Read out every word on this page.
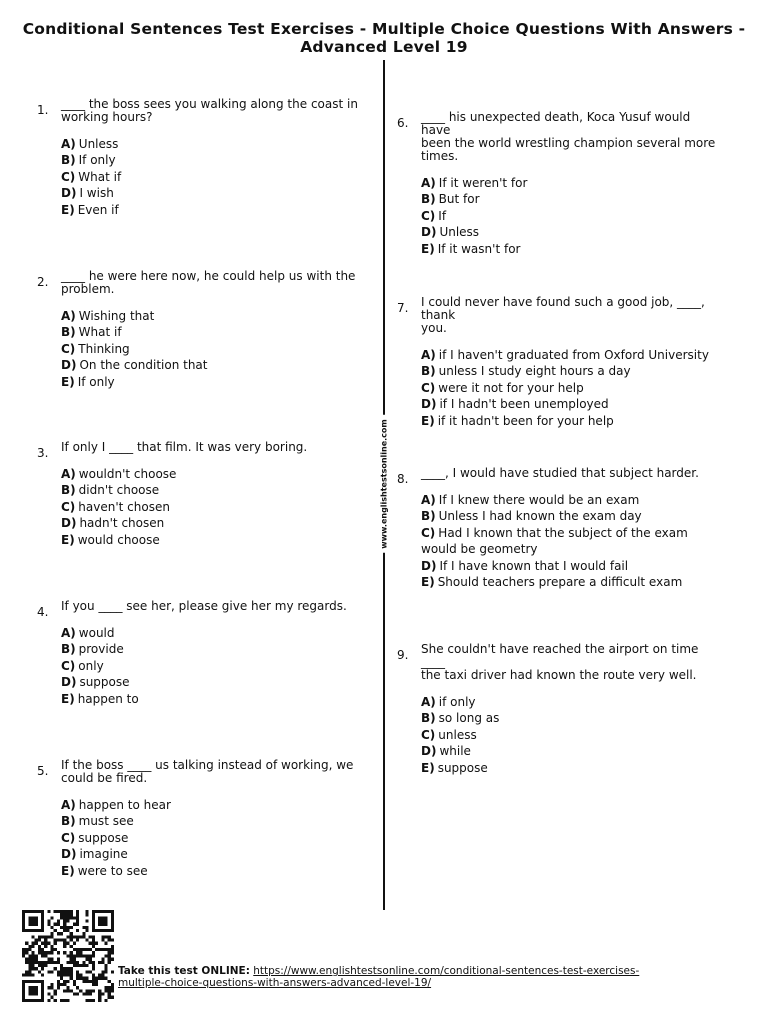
Conditional Sentences Test Exercises - Multiple Choice Questions With Answers -
Advanced Level 19
www.englishtestsonline.com
1. ____ the boss sees you walking along the coast in
working hours?
A) Unless
B) If only
C) What if
D) I wish
E) Even if
2. ____ he were here now, he could help us with the
problem.
A) Wishing that
B) What if
C) Thinking
D) On the condition that
E) If only
3. If only I ____ that film. It was very boring.
A) wouldn't choose
B) didn't choose
C) haven't chosen
D) hadn't chosen
E) would choose
4. If you ____ see her, please give her my regards.
A) would
B) provide
C) only
D) suppose
E) happen to
5. If the boss ____ us talking instead of working, we
could be fired.
A) happen to hear
B) must see
C) suppose
D) imagine
E) were to see
6. ____ his unexpected death, Koca Yusuf would have
been the world wrestling champion several more
times.
A) If it weren't for
B) But for
C) If
D) Unless
E) If it wasn't for
7. I could never have found such a good job, ____, thank
you.
A) if I haven't graduated from Oxford University
B) unless I study eight hours a day
C) were it not for your help
D) if I hadn't been unemployed
E) if it hadn't been for your help
8. ____, I would have studied that subject harder.
A) If I knew there would be an exam
B) Unless I had known the exam day
C) Had I known that the subject of the exam would be geometry
D) If I have known that I would fail
E) Should teachers prepare a difficult exam
9. She couldn't have reached the airport on time ____
the taxi driver had known the route very well.
A) if only
B) so long as
C) unless
D) while
E) suppose
Take this test ONLINE: https://www.englishtestsonline.com/conditional-sentences-test-exercises-multiple-choice-questions-with-answers-advanced-level-19/
